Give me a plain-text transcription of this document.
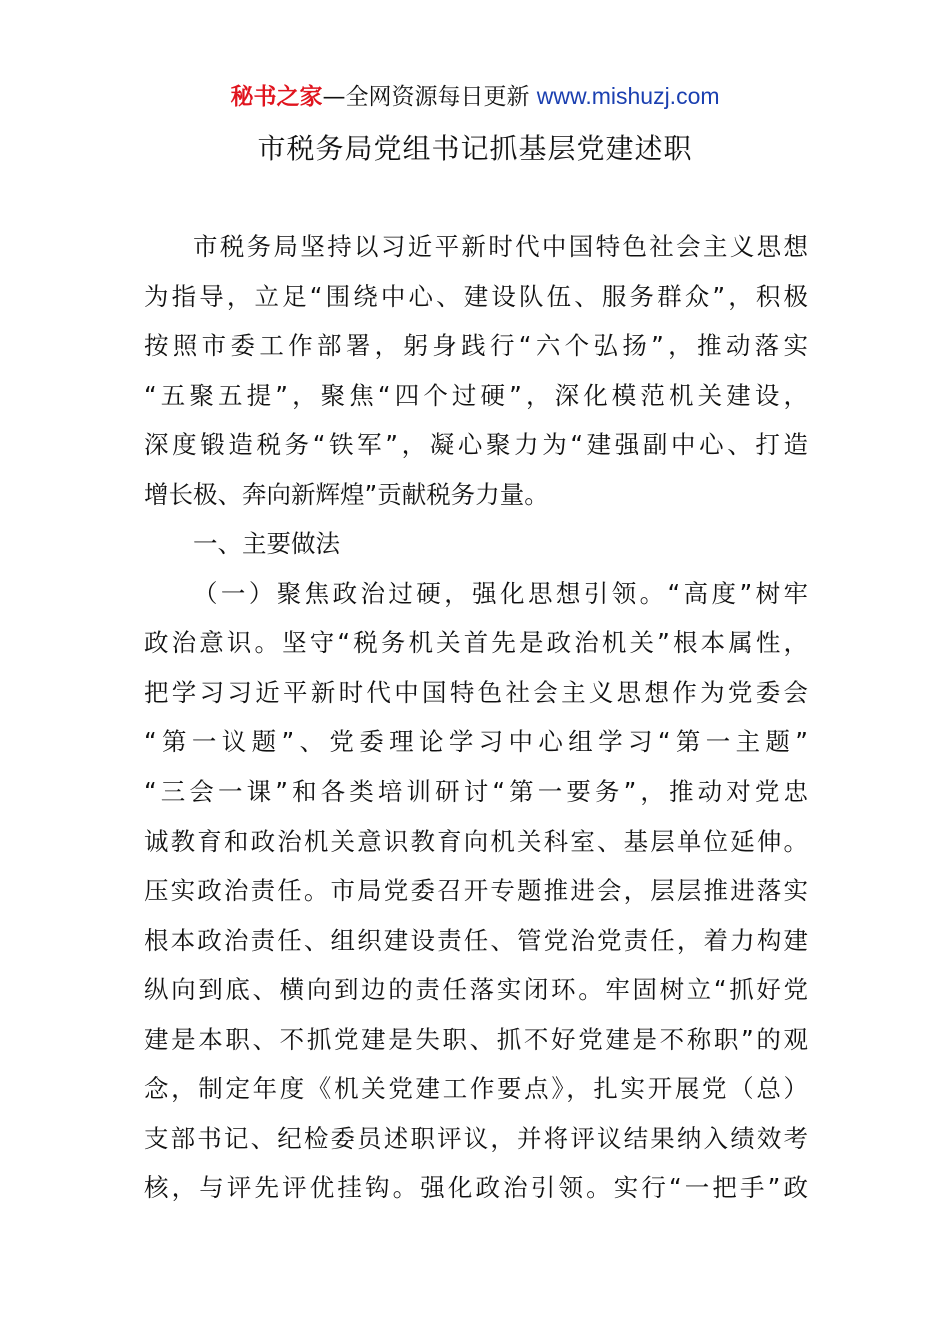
秘书之家—全网资源每日更新 www.mishuzj.com
市税务局党组书记抓基层党建述职
市税务局坚持以习近平新时代中国特色社会主义思想
为指导，立足“围绕中心、建设队伍、服务群众”，积极
按照市委工作部署，躬身践行“六个弘扬”，推动落实
“五聚五提”，聚焦“四个过硬”，深化模范机关建设，
深度锻造税务“铁军”，凝心聚力为“建强副中心、打造
增长极、奔向新辉煌”贡献税务力量。
一、主要做法
（一）聚焦政治过硬，强化思想引领。“高度”树牢
政治意识。坚守“税务机关首先是政治机关”根本属性，
把学习习近平新时代中国特色社会主义思想作为党委会
“第一议题”、党委理论学习中心组学习“第一主题”
“三会一课”和各类培训研讨“第一要务”，推动对党忠
诚教育和政治机关意识教育向机关科室、基层单位延伸。
压实政治责任。市局党委召开专题推进会，层层推进落实
根本政治责任、组织建设责任、管党治党责任，着力构建
纵向到底、横向到边的责任落实闭环。牢固树立“抓好党
建是本职、不抓党建是失职、抓不好党建是不称职”的观
念，制定年度《机关党建工作要点》，扎实开展党（总）
支部书记、纪检委员述职评议，并将评议结果纳入绩效考
核，与评先评优挂钩。强化政治引领。实行“一把手”政
